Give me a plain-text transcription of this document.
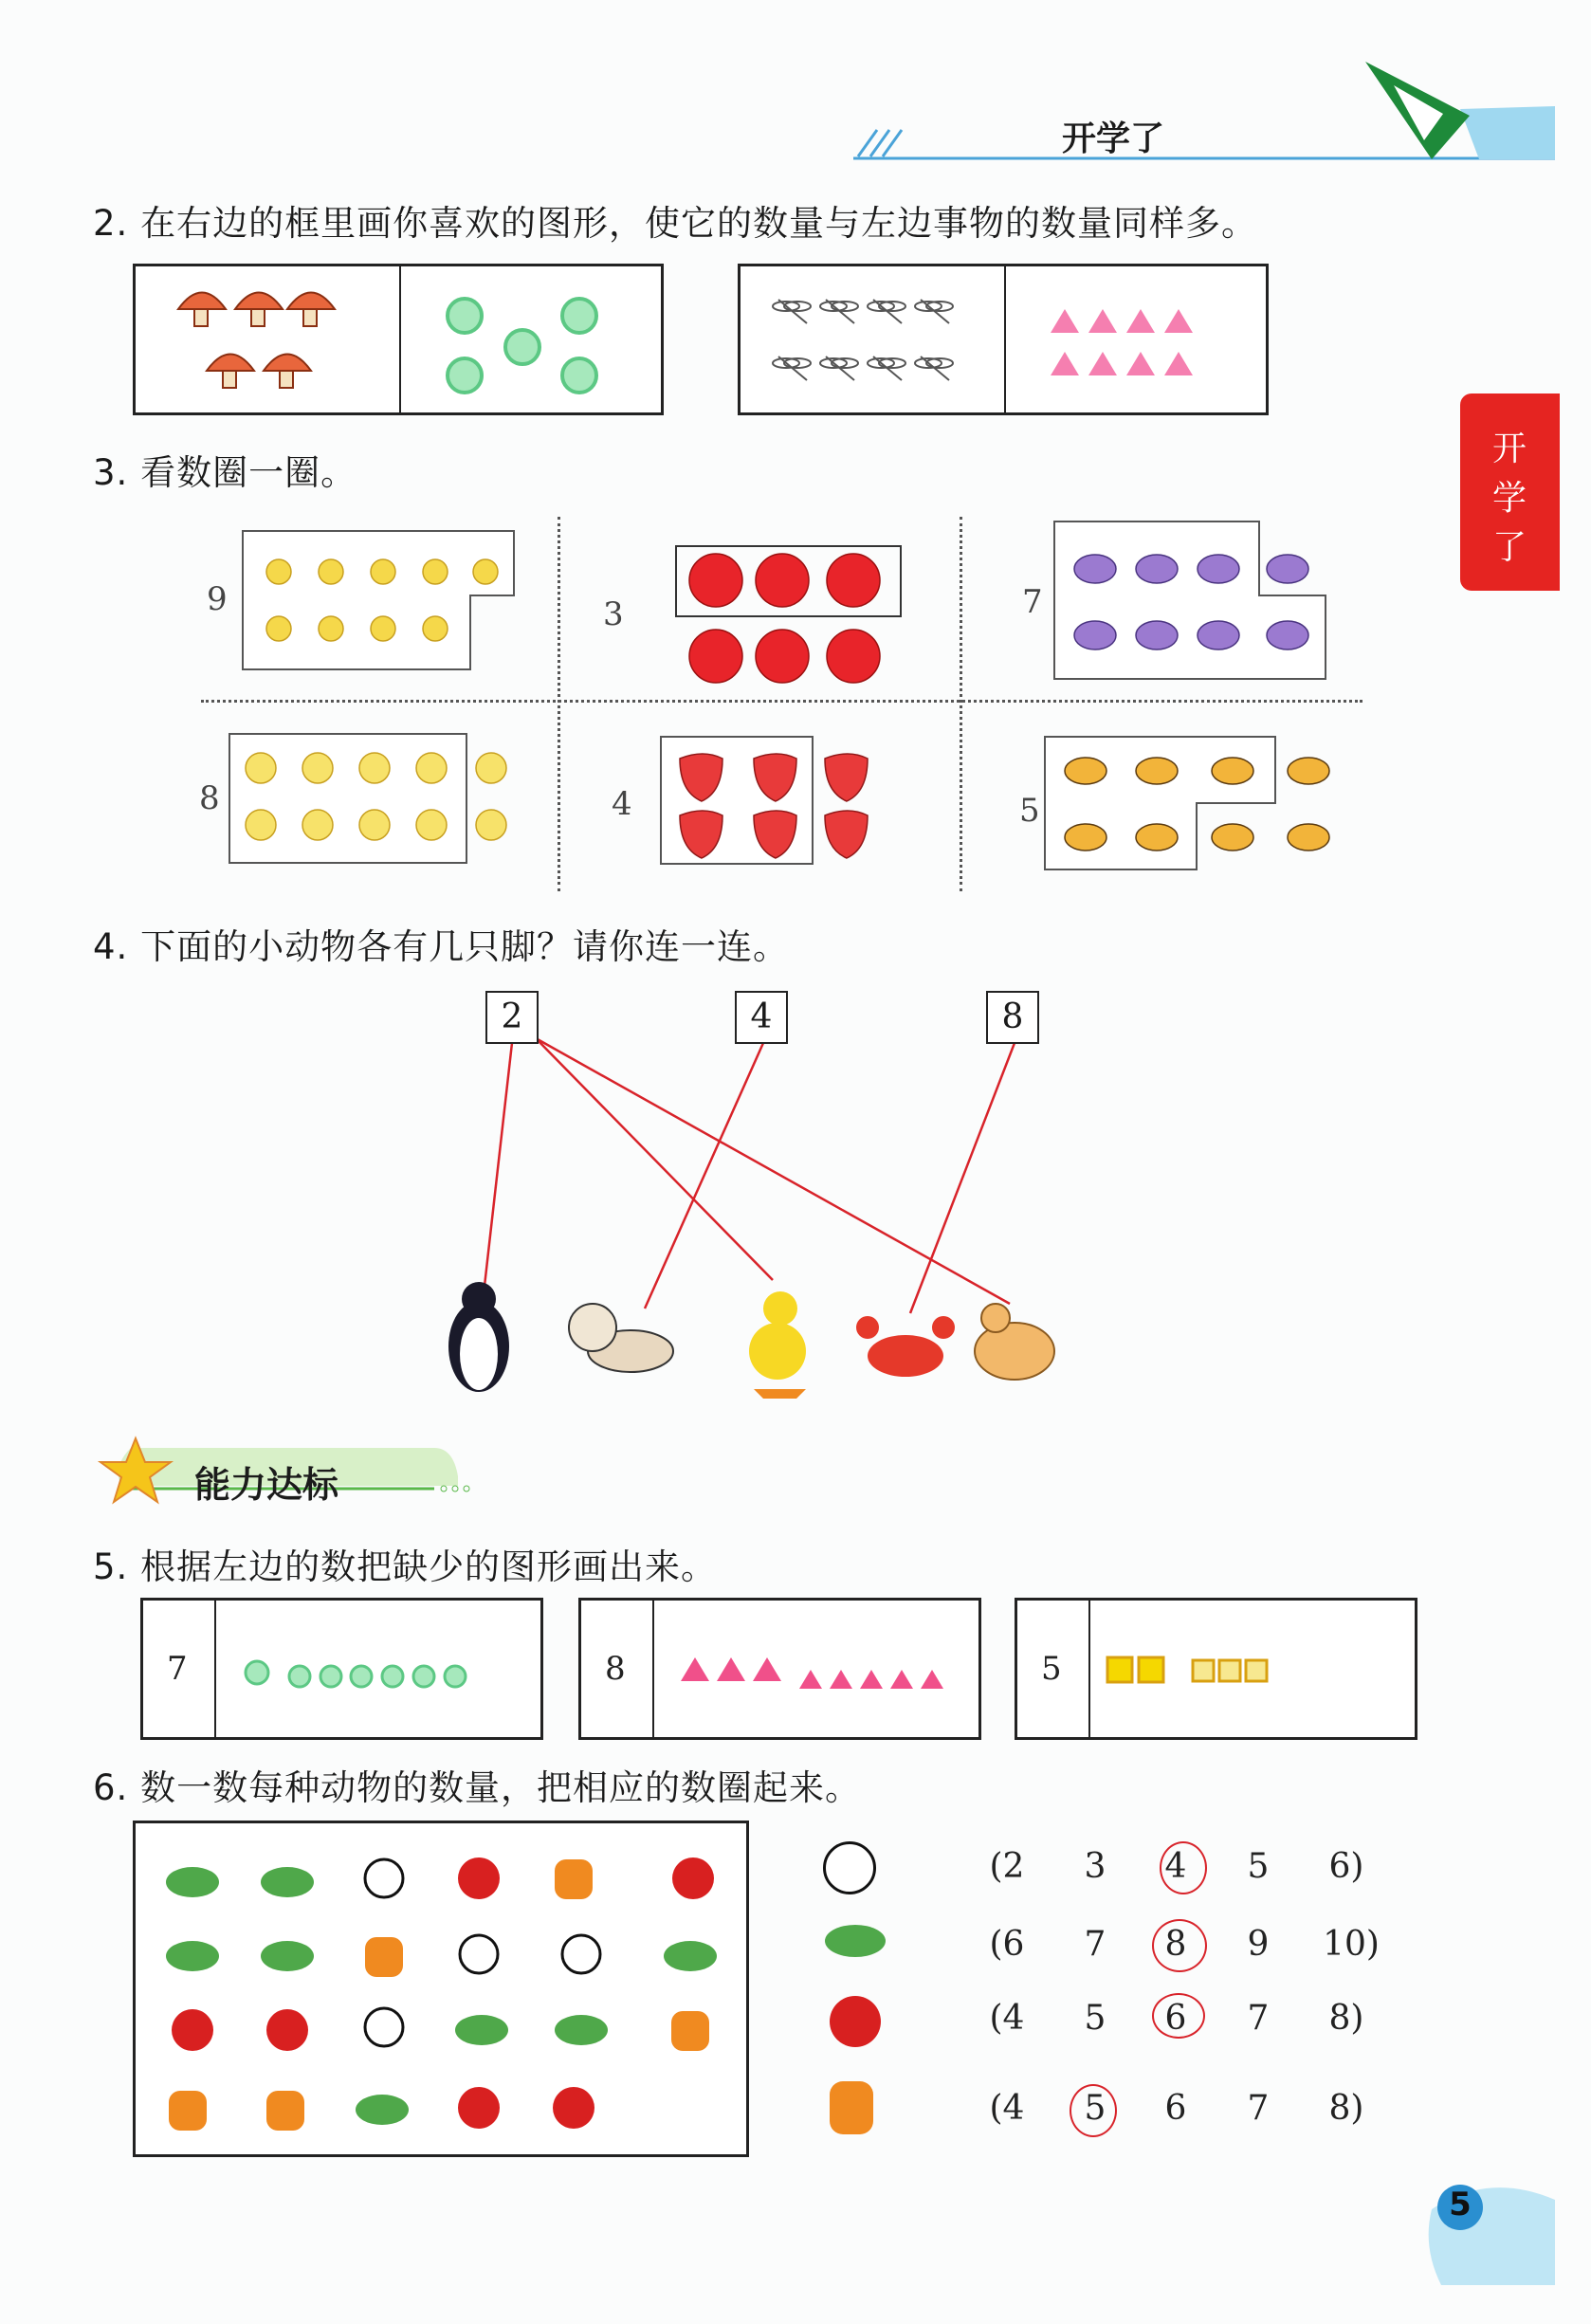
开学了
开
学
了
2. 在右边的框里画你喜欢的图形，使它的数量与左边事物的数量同样多。
3. 看数圈一圈。
9	3	7
8	4	5
4. 下面的小动物各有几只脚？请你连一连。
2	4	8
能力达标
5. 根据左边的数把缺少的图形画出来。
7	8	5
6. 数一数每种动物的数量，把相应的数圈起来。
(2 3 4 5 6)
(6 7 8 9 10)
(4 5 6 7 8)
(4 5 6 7 8)
5
